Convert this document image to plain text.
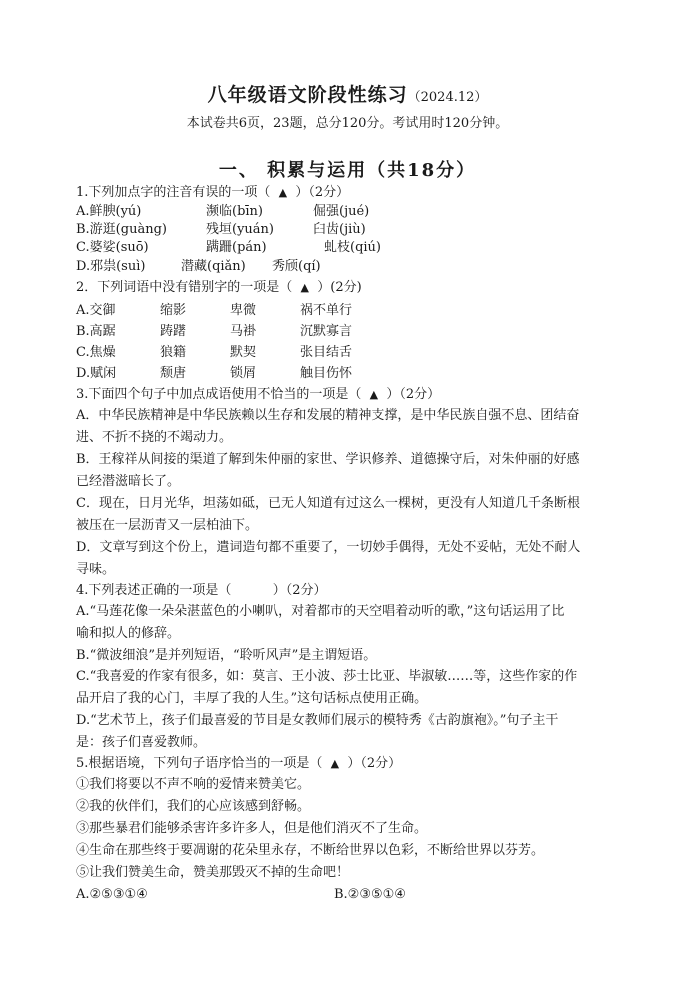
八年级语文阶段性练习（2024.12）
本试卷共6页，23题，总分120分。考试用时120分钟。
一、 积累与运用（共18分）
1.下列加点字的注音有误的一项（ ▲ ）（2分）
A.鲜腴(yú)	濒临(bīn)	倔强(jué)
B.游逛(guàng)	残垣(yuán)	臼齿(jiù)
C.婆娑(suō)	蹒跚(pán)	虬枝(qiú)
D.邪祟(suì)	潜藏(qiǎn) 秀颀(qí)
2．下列词语中没有错别字的一项是（ ▲ ）(2分)
A.交御	缩影	卑微	祸不单行
B.高踞	踌躇	马褂	沉默寡言
C.焦燥	狼籍	默契	张目结舌
D.赋闲	颓唐	锁屑	触目伤怀
3.下面四个句子中加点成语使用不恰当的一项是（ ▲ ）（2分）
A．中华民族精神是中华民族赖以生存和发展的精神支撑，是中华民族自强不息、团结奋
进、不折不挠的不竭动力。
B．王稼祥从间接的渠道了解到朱仲丽的家世、学识修养、道德操守后，对朱仲丽的好感
已经潜滋暗长了。
C．现在，日月光华，坦荡如砥，已无人知道有过这么一棵树，更没有人知道几千条断根
被压在一层沥青又一层柏油下。
D．文章写到这个份上，遣词造句都不重要了，一切妙手偶得，无处不妥帖，无处不耐人
寻味。
4.下列表述正确的一项是（	）（2分）
A.“马莲花像一朵朵湛蓝色的小喇叭，对着都市的天空唱着动听的歌，”这句话运用了比
喻和拟人的修辞。
B.“微波细浪”是并列短语，“聆听风声”是主谓短语。
C.“我喜爱的作家有很多，如：莫言、王小波、莎士比亚、毕淑敏……等，这些作家的作
品开启了我的心门，丰厚了我的人生。”这句话标点使用正确。
D.“艺术节上，孩子们最喜爱的节目是女教师们展示的模特秀《古韵旗袍》。”句子主干
是：孩子们喜爱教师。
5.根据语境，下列句子语序恰当的一项是（ ▲ ）（2分）
①我们将要以不声不响的爱情来赞美它。
②我的伙伴们，我们的心应该感到舒畅。
③那些暴君们能够杀害许多许多人，但是他们消灭不了生命。
④生命在那些终于要凋谢的花朵里永存，不断给世界以色彩，不断给世界以芬芳。
⑤让我们赞美生命，赞美那毁灭不掉的生命吧！
A.②⑤③①④	B.②③⑤①④
